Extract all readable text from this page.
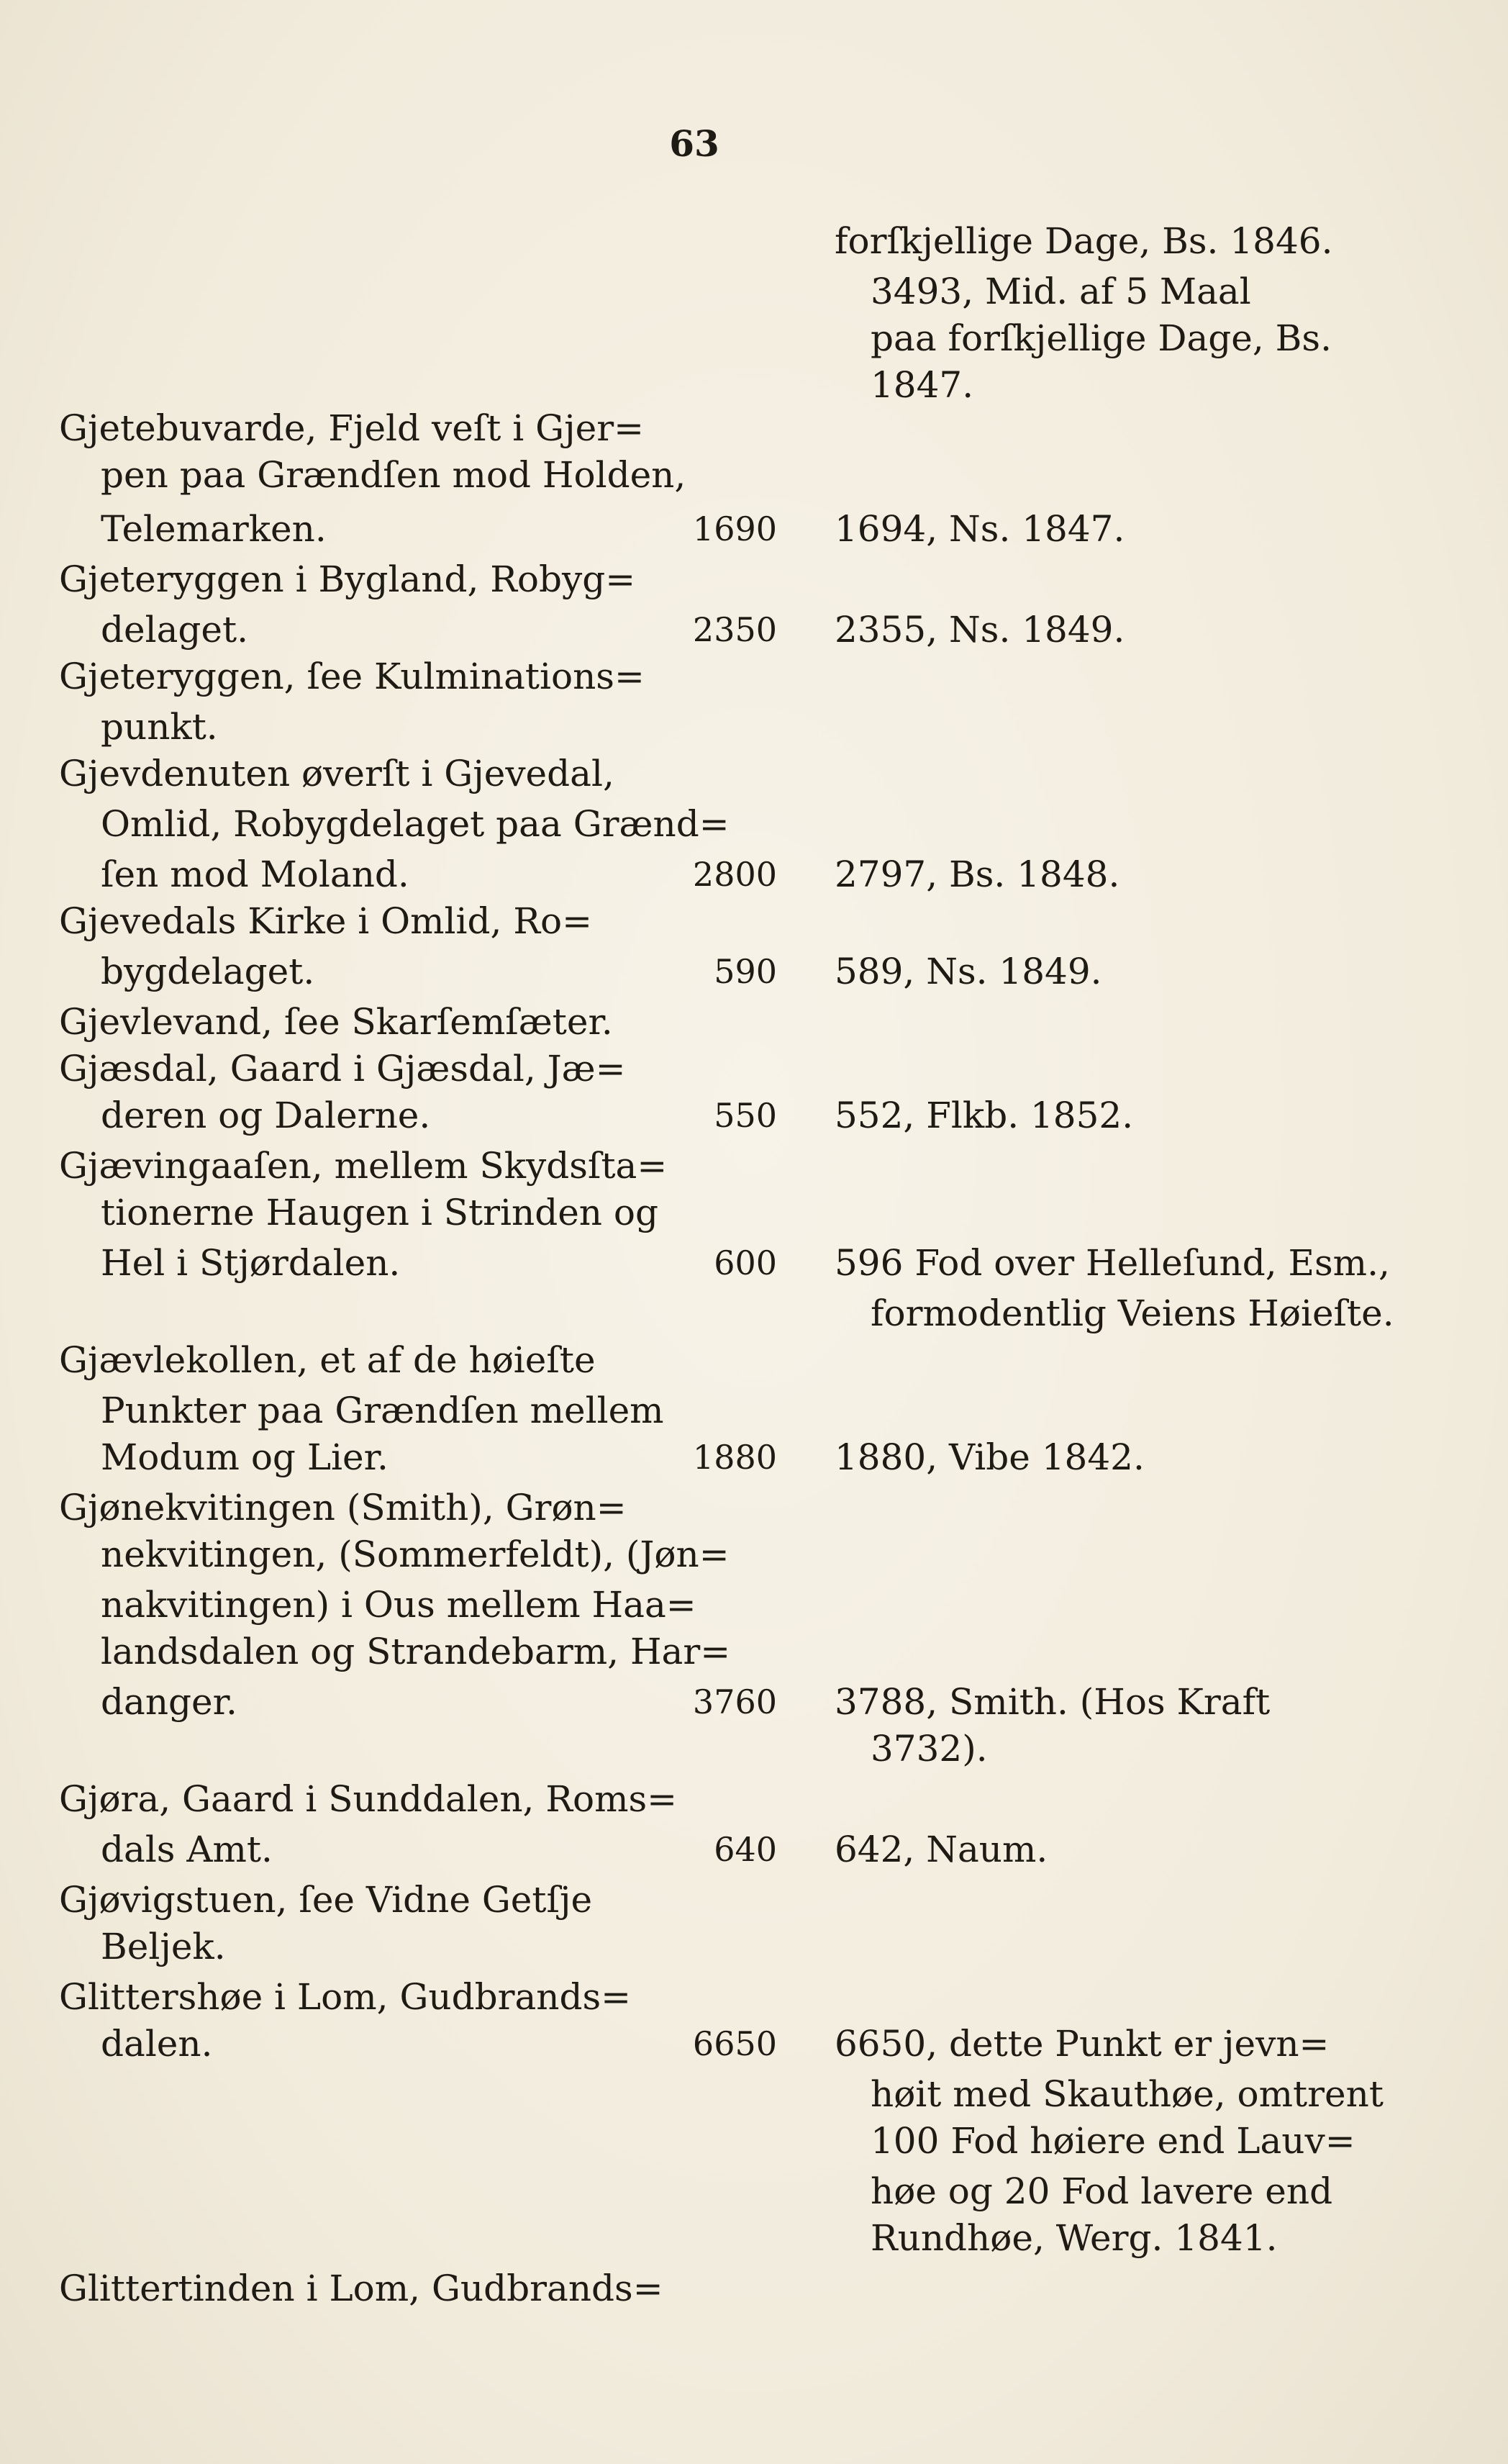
63
forſkjellige Dage, Bs. 1846.
3493, Mid. af 5 Maal
paa forſkjellige Dage, Bs.
1847.
Gjetebuvarde, Fjeld veſt i Gjer=
pen paa Grændſen mod Holden,
Telemarken.	1690 1694, Ns. 1847.
Gjeteryggen i Bygland, Robyg=
delaget.	2350 2355, Ns. 1849.
Gjeteryggen, ſee Kulminations=
punkt.
Gjevdenuten øverſt i Gjevedal,
Omlid, Robygdelaget paa Grænd=
ſen mod Moland.	2800 2797, Bs. 1848.
Gjevedals Kirke i Omlid, Ro=
bygdelaget.	590 589, Ns. 1849.
Gjevlevand, ſee Skarſemſæter.
Gjæsdal, Gaard i Gjæsdal, Jæ=
deren og Dalerne.	550 552, Flkb. 1852.
Gjævingaaſen, mellem Skydsſta=
tionerne Haugen i Strinden og
Hel i Stjørdalen.	600 596 Fod over Helleſund, Esm.,
formodentlig Veiens Høieſte.
Gjævlekollen, et af de høieſte
Punkter paa Grændſen mellem
Modum og Lier.	1880 1880, Vibe 1842.
Gjønekvitingen (Smith), Grøn=
nekvitingen, (Sommerfeldt), (Jøn=
nakvitingen) i Ous mellem Haa=
landsdalen og Strandebarm, Har=
danger.	3760 3788, Smith. (Hos Kraft
3732).
Gjøra, Gaard i Sunddalen, Roms=
dals Amt.	640 642, Naum.
Gjøvigstuen, ſee Vidne Getſje
Beljek.
Glittershøe i Lom, Gudbrands=
dalen.	6650 6650, dette Punkt er jevn=
høit med Skauthøe, omtrent
100 Fod høiere end Lauv=
høe og 20 Fod lavere end
Rundhøe, Werg. 1841.
Glittertinden i Lom, Gudbrands=
